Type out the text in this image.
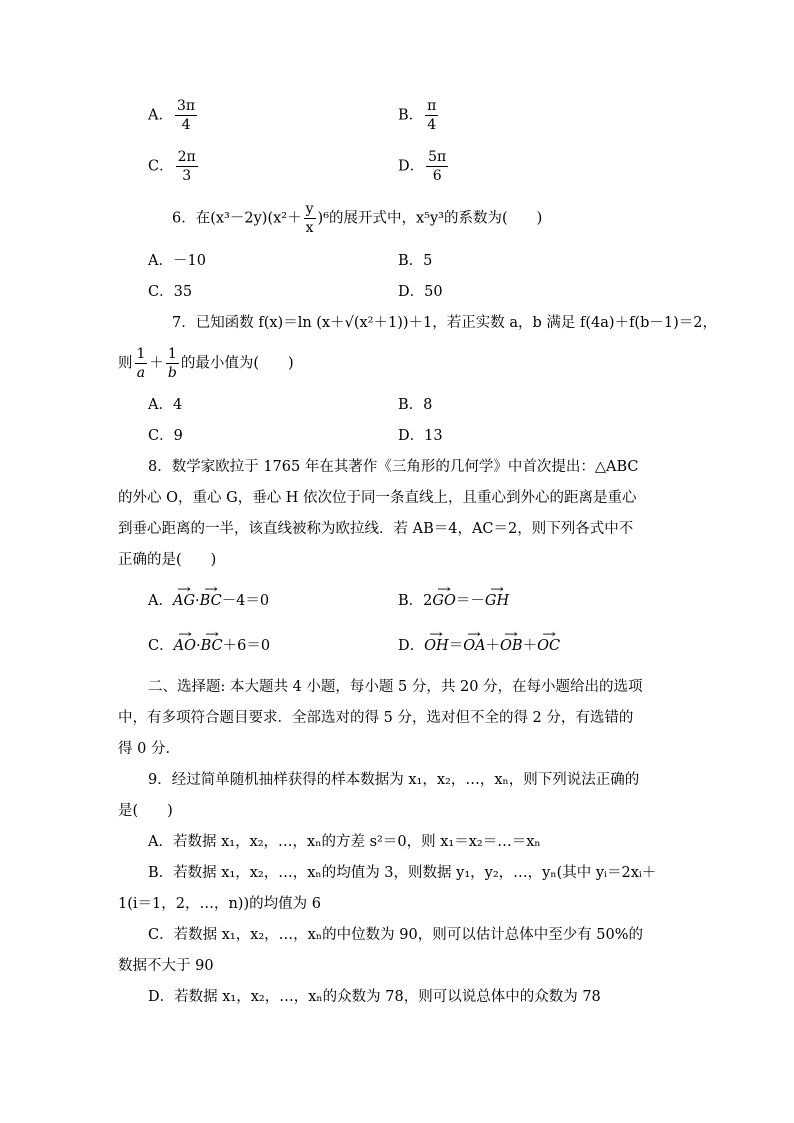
A． $\frac{3\pi}{4}$	B． $\frac{\pi}{4}$
C． $\frac{2\pi}{3}$	D． $\frac{5\pi}{6}$
6．在$(x^3-2y)(x^2+ \frac{y}{x} )^6$的展开式中，x⁵y³的系数为(　　)
A．－10	B．5
C．35	D．50
7．已知函数 f(x)＝ln (x＋√(x²＋1))＋1，若正实数 a，b 满足 f(4a)＋f(b－1)＝2，
则 $\frac{1}{a} + \frac{1}{b}$ 的最小值为(　　)
A．4	B．8
C．9	D．13
8．数学家欧拉于 1765 年在其著作《三角形的几何学》中首次提出：△ABC
的外心 O，重心 G，垂心 H 依次位于同一条直线上，且重心到外心的距离是重心
到垂心距离的一半，该直线被称为欧拉线．若 AB＝4，AC＝2，则下列各式中不
正确的是(　　)
A．→ AG·→ BC－4＝0	B．2→ GO＝－→ GH
C．→ AO·→ BC＋6＝0	D．→ OH＝→ OA＋→ OB＋→ OC
二、选择题: 本大题共 4 小题，每小题 5 分，共 20 分，在每小题给出的选项
中，有多项符合题目要求．全部选对的得 5 分，选对但不全的得 2 分，有选错的
得 0 分．
9．经过简单随机抽样获得的样本数据为 x₁，x₂，…，xₙ，则下列说法正确的
是(　　)
A．若数据 x₁，x₂，…，xₙ的方差 s²＝0，则 x₁＝x₂＝…＝xₙ
B．若数据 x₁，x₂，…，xₙ的均值为 3，则数据 y₁，y₂，…，yₙ(其中 yᵢ＝2xᵢ＋
1(i＝1，2，…，n))的均值为 6
C．若数据 x₁，x₂，…，xₙ的中位数为 90，则可以估计总体中至少有 50%的
数据不大于 90
D．若数据 x₁，x₂，…，xₙ的众数为 78，则可以说总体中的众数为 78
